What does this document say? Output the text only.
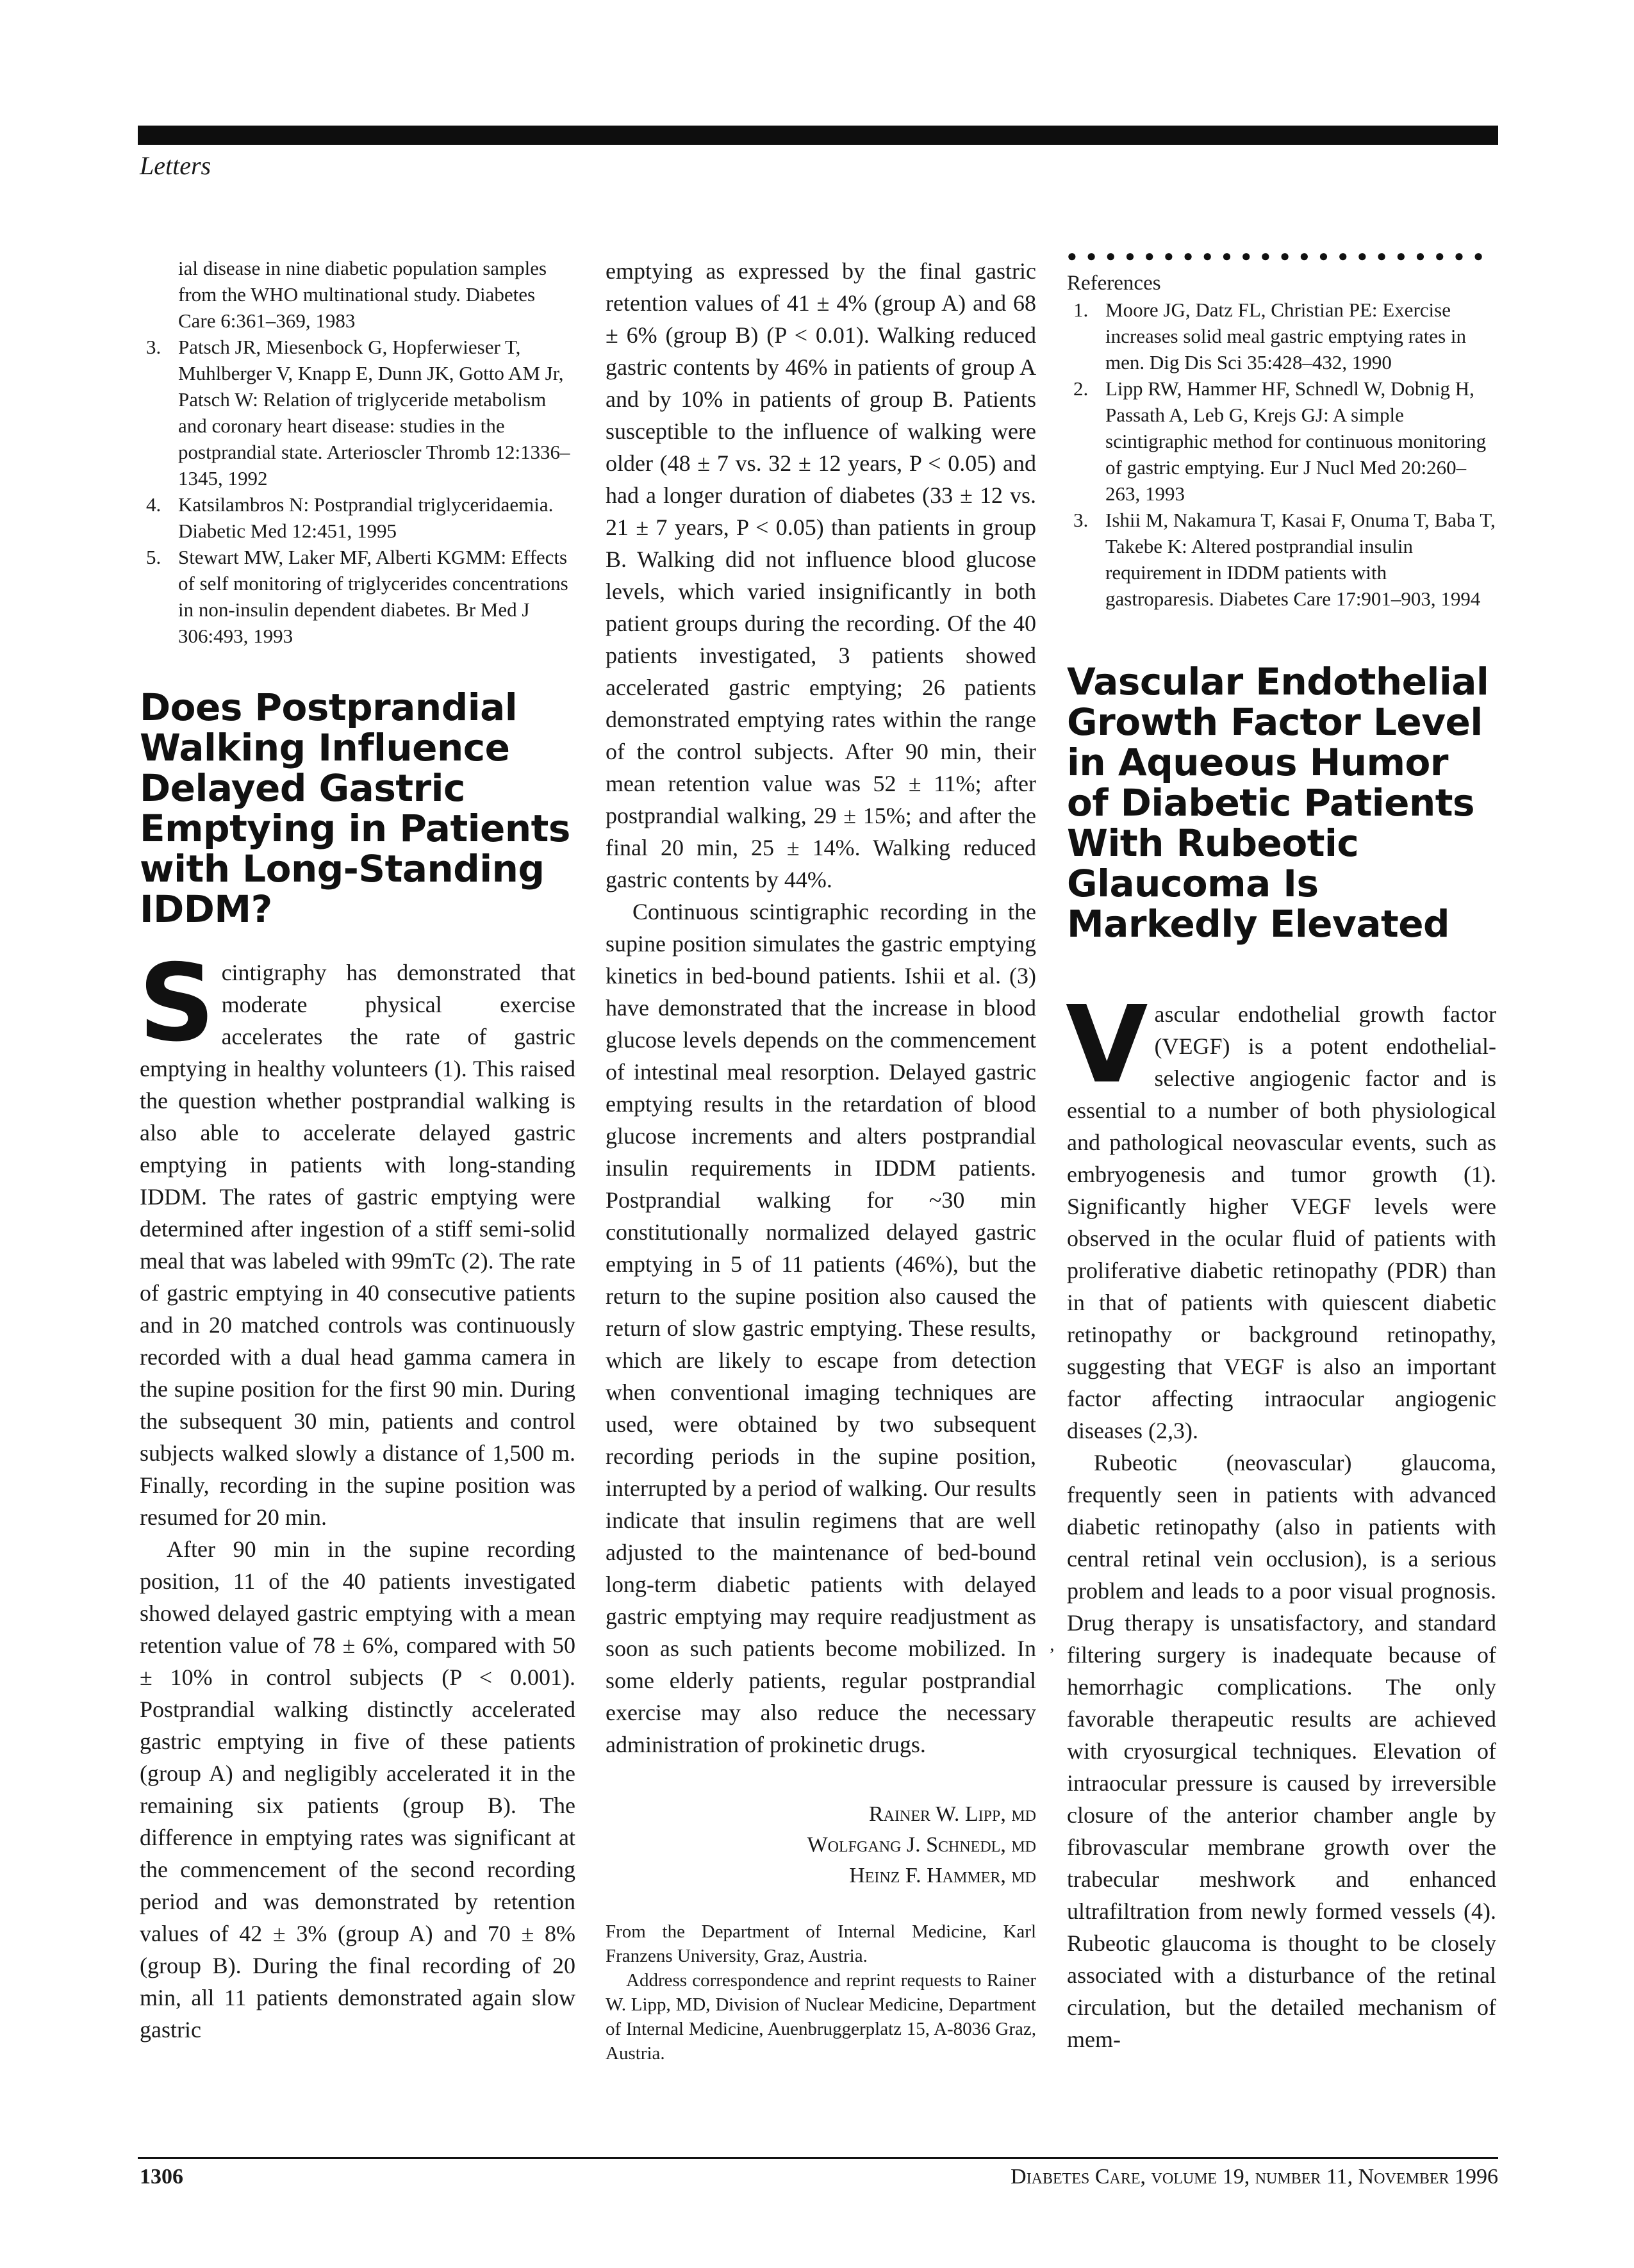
Letters
ial disease in nine diabetic population samples from the WHO multinational study. Diabetes Care 6:361–369, 1983
3. Patsch JR, Miesenbock G, Hopferwieser T, Muhlberger V, Knapp E, Dunn JK, Gotto AM Jr, Patsch W: Relation of triglyceride metabolism and coronary heart disease: studies in the postprandial state. Arterioscler Thromb 12:1336–1345, 1992
4. Katsilambros N: Postprandial triglyceridaemia. Diabetic Med 12:451, 1995
5. Stewart MW, Laker MF, Alberti KGMM: Effects of self monitoring of triglycerides concentrations in non-insulin dependent diabetes. Br Med J 306:493, 1993
Does Postprandial Walking Influence Delayed Gastric Emptying in Patients with Long-Standing IDDM?

Scintigraphy has demonstrated that moderate physical exercise accelerates the rate of gastric emptying in healthy volunteers (1). This raised the question whether postprandial walking is also able to accelerate delayed gastric emptying in patients with long-standing IDDM. The rates of gastric emptying were determined after ingestion of a stiff semi-solid meal that was labeled with 99mTc (2). The rate of gastric emptying in 40 consecutive patients and in 20 matched controls was continuously recorded with a dual head gamma camera in the supine position for the first 90 min. During the subsequent 30 min, patients and control subjects walked slowly a distance of 1,500 m. Finally, recording in the supine position was resumed for 20 min.

After 90 min in the supine recording position, 11 of the 40 patients investigated showed delayed gastric emptying with a mean retention value of 78 ± 6%, compared with 50 ± 10% in control subjects (P < 0.001). Postprandial walking distinctly accelerated gastric emptying in five of these patients (group A) and negligibly accelerated it in the remaining six patients (group B). The difference in emptying rates was significant at the commencement of the second recording period and was demonstrated by retention values of 42 ± 3% (group A) and 70 ± 8% (group B). During the final recording of 20 min, all 11 patients demonstrated again slow gastric

emptying as expressed by the final gastric retention values of 41 ± 4% (group A) and 68 ± 6% (group B) (P < 0.01). Walking reduced gastric contents by 46% in patients of group A and by 10% in patients of group B. Patients susceptible to the influence of walking were older (48 ± 7 vs. 32 ± 12 years, P < 0.05) and had a longer duration of diabetes (33 ± 12 vs. 21 ± 7 years, P < 0.05) than patients in group B. Walking did not influence blood glucose levels, which varied insignificantly in both patient groups during the recording. Of the 40 patients investigated, 3 patients showed accelerated gastric emptying; 26 patients demonstrated emptying rates within the range of the control subjects. After 90 min, their mean retention value was 52 ± 11%; after postprandial walking, 29 ± 15%; and after the final 20 min, 25 ± 14%. Walking reduced gastric contents by 44%.

Continuous scintigraphic recording in the supine position simulates the gastric emptying kinetics in bed-bound patients. Ishii et al. (3) have demonstrated that the increase in blood glucose levels depends on the commencement of intestinal meal resorption. Delayed gastric emptying results in the retardation of blood glucose increments and alters postprandial insulin requirements in IDDM patients. Postprandial walking for ~30 min constitutionally normalized delayed gastric emptying in 5 of 11 patients (46%), but the return to the supine position also caused the return of slow gastric emptying. These results, which are likely to escape from detection when conventional imaging techniques are used, were obtained by two subsequent recording periods in the supine position, interrupted by a period of walking. Our results indicate that insulin regimens that are well adjusted to the maintenance of bed-bound long-term diabetic patients with delayed gastric emptying may require readjustment as soon as such patients become mobilized. In some elderly patients, regular postprandial exercise may also reduce the necessary administration of prokinetic drugs.

Rainer W. Lipp, md
Wolfgang J. Schnedl, md
Heinz F. Hammer, md

From the Department of Internal Medicine, Karl Franzens University, Graz, Austria.

Address correspondence and reprint requests to Rainer W. Lipp, MD, Division of Nuclear Medicine, Department of Internal Medicine, Auenbruggerplatz 15, A-8036 Graz, Austria.

’
● ● ● ● ● ● ● ● ● ● ● ● ● ● ● ● ● ● ● ● ● ●
References
1. Moore JG, Datz FL, Christian PE: Exercise increases solid meal gastric emptying rates in men. Dig Dis Sci 35:428–432, 1990
2. Lipp RW, Hammer HF, Schnedl W, Dobnig H, Passath A, Leb G, Krejs GJ: A simple scintigraphic method for continuous monitoring of gastric emptying. Eur J Nucl Med 20:260–263, 1993
3. Ishii M, Nakamura T, Kasai F, Onuma T, Baba T, Takebe K: Altered postprandial insulin requirement in IDDM patients with gastroparesis. Diabetes Care 17:901–903, 1994
Vascular Endothelial Growth Factor Level in Aqueous Humor of Diabetic Patients With Rubeotic Glaucoma Is Markedly Elevated

Vascular endothelial growth factor (VEGF) is a potent endothelial-selective angiogenic factor and is essential to a number of both physiological and pathological neovascular events, such as embryogenesis and tumor growth (1). Significantly higher VEGF levels were observed in the ocular fluid of patients with proliferative diabetic retinopathy (PDR) than in that of patients with quiescent diabetic retinopathy or background retinopathy, suggesting that VEGF is also an important factor affecting intraocular angiogenic diseases (2,3).

Rubeotic (neovascular) glaucoma, frequently seen in patients with advanced diabetic retinopathy (also in patients with central retinal vein occlusion), is a serious problem and leads to a poor visual prognosis. Drug therapy is unsatisfactory, and standard filtering surgery is inadequate because of hemorrhagic complications. The only favorable therapeutic results are achieved with cryosurgical techniques. Elevation of intraocular pressure is caused by irreversible closure of the anterior chamber angle by fibrovascular membrane growth over the trabecular meshwork and enhanced ultrafiltration from newly formed vessels (4). Rubeotic glaucoma is thought to be closely associated with a disturbance of the retinal circulation, but the detailed mechanism of mem-

1306	Diabetes Care, volume 19, number 11, November 1996
